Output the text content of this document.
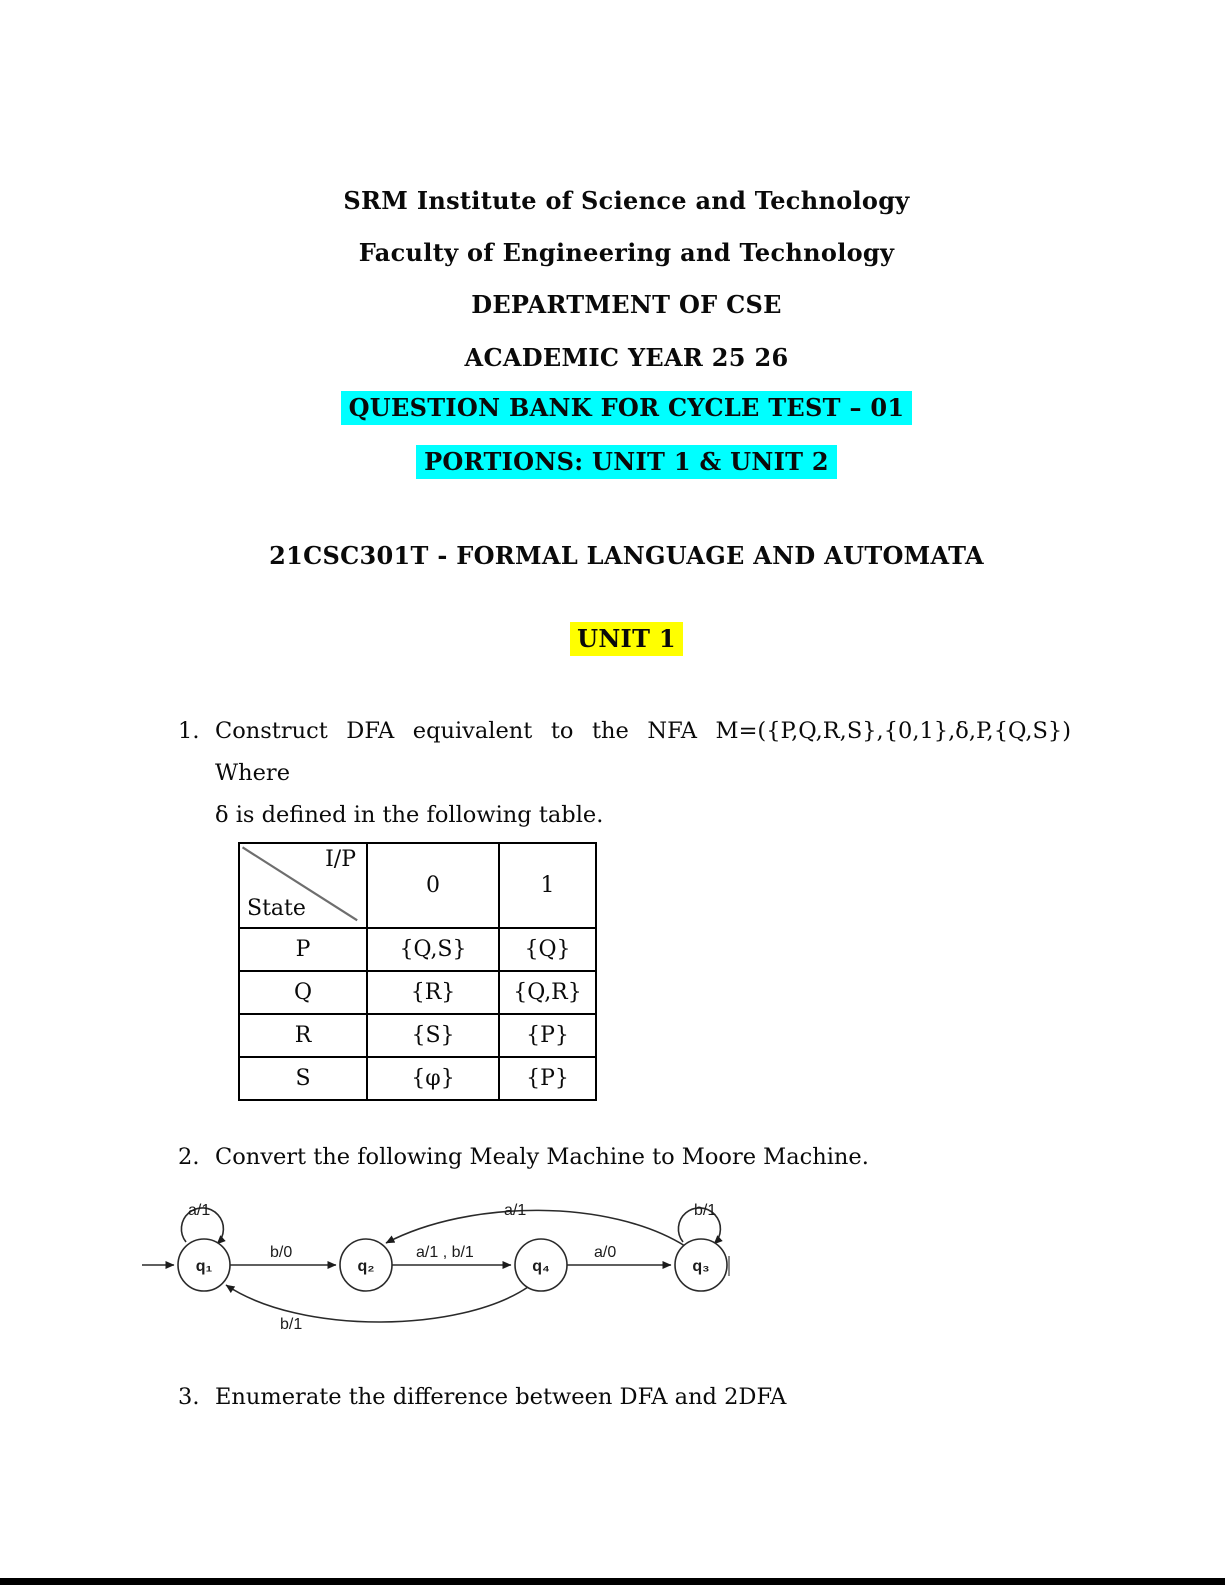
SRM Institute of Science and Technology
Faculty of Engineering and Technology
DEPARTMENT OF CSE
ACADEMIC YEAR 25 26
QUESTION BANK FOR CYCLE TEST – 01
PORTIONS: UNIT 1 & UNIT 2
21CSC301T - FORMAL LANGUAGE AND AUTOMATA
UNIT 1
1. Construct DFA equivalent to the NFA M=({P,Q,R,S},{0,1},δ,P,{Q,S}) Where
δ is defined in the following table.
I/P
State	0	1
P	{Q,S}	{Q}
Q	{R}	{Q,R}
R	{S}	{P}
S	{φ}	{P}
2. Convert the following Mealy Machine to Moore Machine.
q₁	q₂	q₄	q₃
a/1
b/0	a/1 , b/1	a/0
b/1
a/1
b/1
3. Enumerate the difference between DFA and 2DFA
